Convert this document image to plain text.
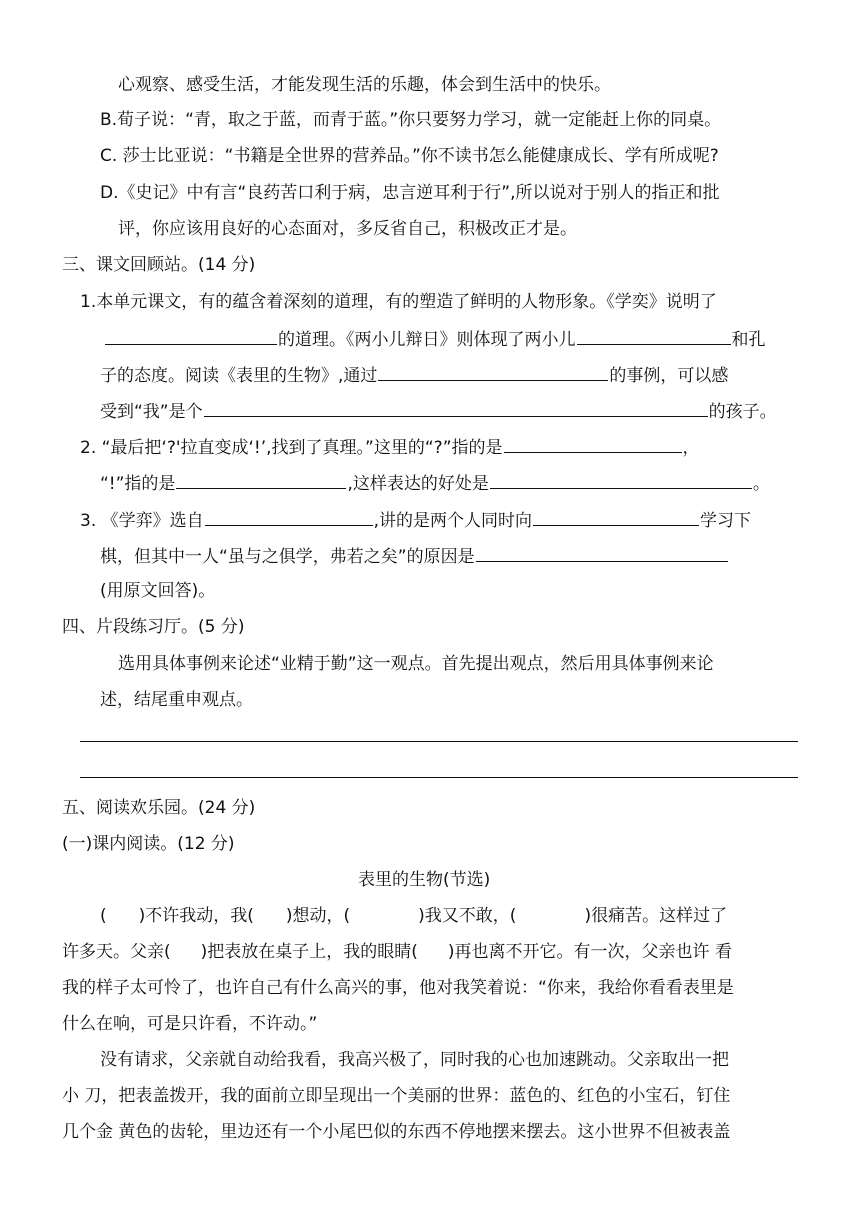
心观察、感受生活，才能发现生活的乐趣，体会到生活中的快乐。
B.荀子说：“青，取之于蓝，而青于蓝。”你只要努力学习，就一定能赶上你的同桌。
C. 莎士比亚说：“书籍是全世界的营养品。”你不读书怎么能健康成长、学有所成呢?
D.《史记》中有言“良药苦口利于病，忠言逆耳利于行”,所以说对于别人的指正和批
评，你应该用良好的心态面对，多反省自己，积极改正才是。
三、课文回顾站。(14 分)
1.本单元课文，有的蕴含着深刻的道理，有的塑造了鲜明的人物形象。《学奕》说明了
的道理。《两小儿辩日》则体现了两小儿	和孔
子的态度。阅读《表里的生物》,通过	的事例，可以感
受到“我”是个	的孩子。
2. “最后把‘?'拉直变成‘!’,找到了真理。”这里的“?”指的是	，
“!”指的是	,这样表达的好处是	。
3. 《学弈》选自	,讲的是两个人同时向	学习下
棋，但其中一人“虽与之俱学，弗若之矣”的原因是
(用原文回答)。
四、片段练习厅。(5 分)
选用具体事例来论述“业精于勤”这一观点。首先提出观点，然后用具体事例来论
述，结尾重申观点。
五、阅读欢乐园。(24 分)
(一)课内阅读。(12 分)
表里的生物(节选)
( )不许我动，我( )想动，(	)我又不敢，(	)很痛苦。这样过了
许多天。父亲( )把表放在桌子上，我的眼睛( )再也离不开它。有一次，父亲也许 看
我的样子太可怜了，也许自己有什么高兴的事，他对我笑着说：“你来，我给你看看表里是
什么在响，可是只许看，不许动。”
没有请求，父亲就自动给我看，我高兴极了，同时我的心也加速跳动。父亲取出一把
小 刀，把表盖拨开，我的面前立即呈现出一个美丽的世界：蓝色的、红色的小宝石，钉住
几个金 黄色的齿轮，里边还有一个小尾巴似的东西不停地摆来摆去。这小世界不但被表盖
